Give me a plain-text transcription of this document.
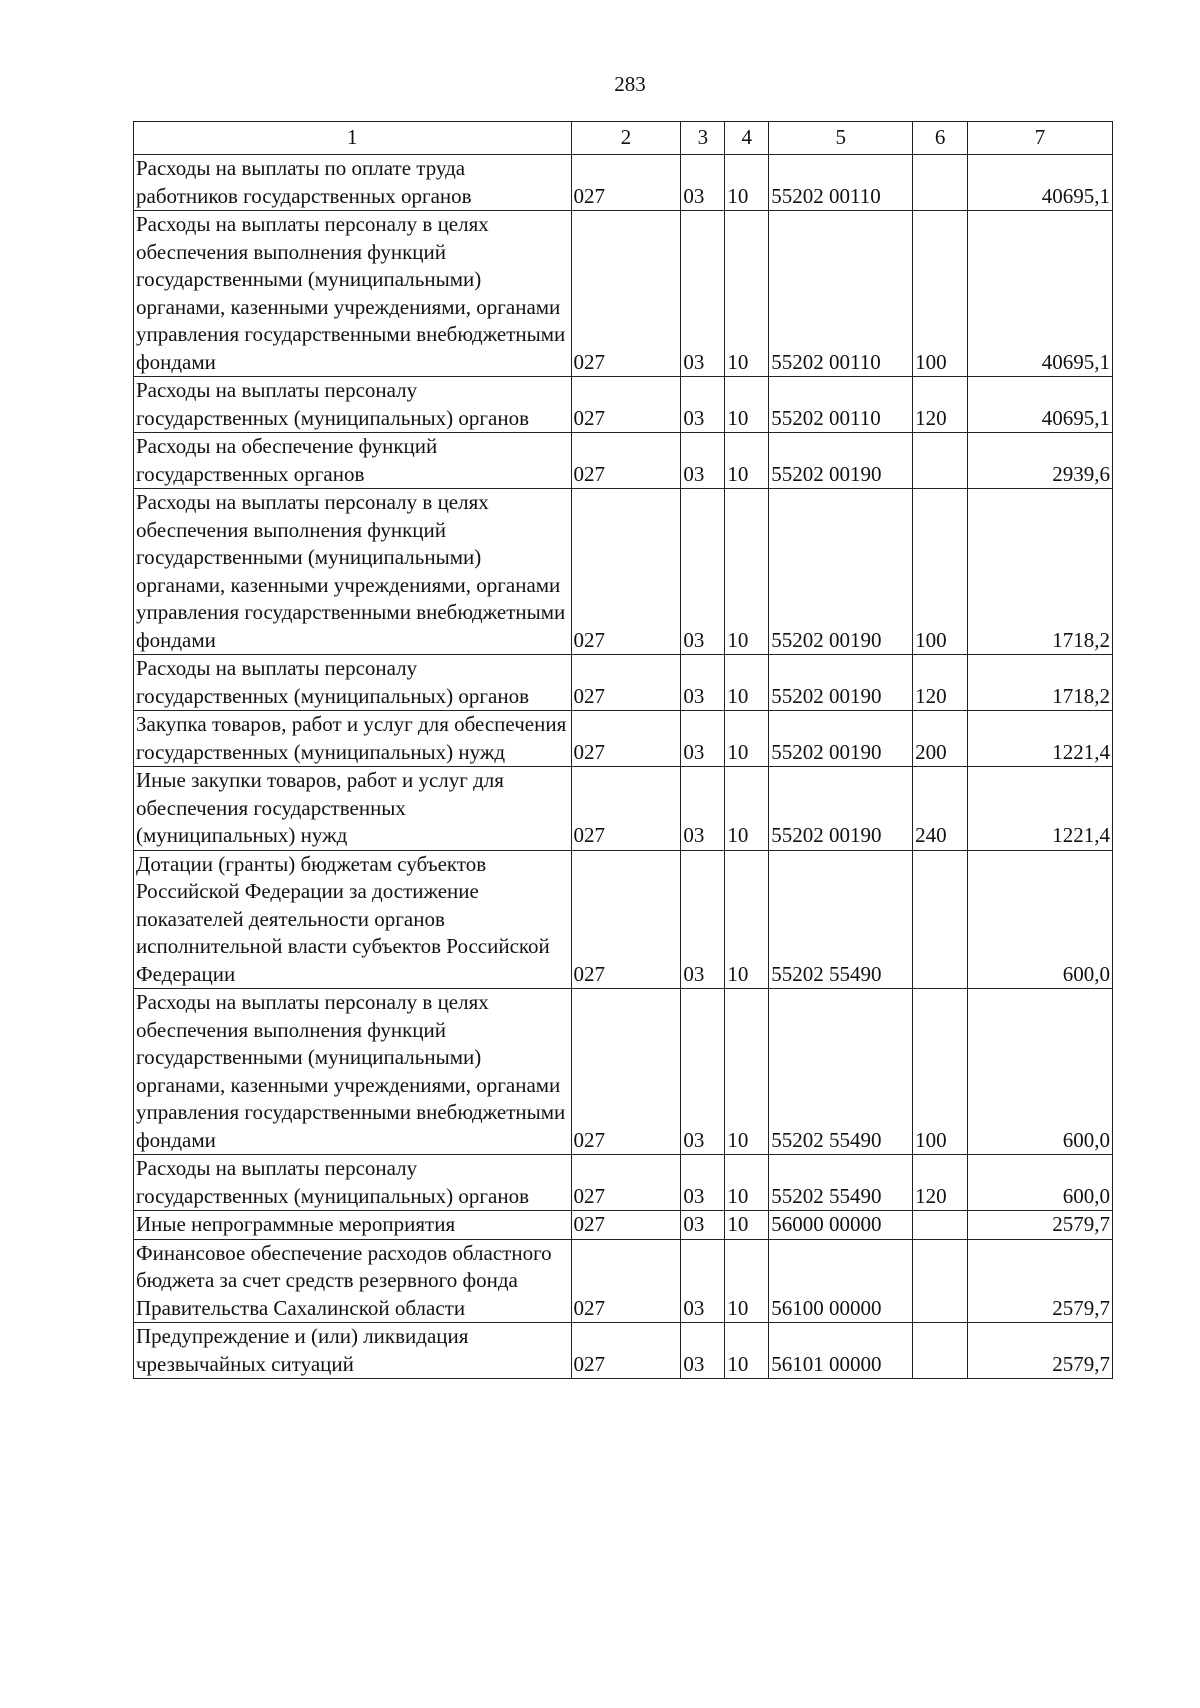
283
1	2	3	4	5	6	7
Расходы на выплаты по оплате труда работников государственных органов	027	03	10	55202 00110		40695,1
Расходы на выплаты персоналу в целях обеспечения выполнения функций государственными (муниципальными) органами, казенными учреждениями, органами управления государственными внебюджетными фондами	027	03	10	55202 00110	100	40695,1
Расходы на выплаты персоналу государственных (муниципальных) органов	027	03	10	55202 00110	120	40695,1
Расходы на обеспечение функций государственных органов	027	03	10	55202 00190		2939,6
Расходы на выплаты персоналу в целях обеспечения выполнения функций государственными (муниципальными) органами, казенными учреждениями, органами управления государственными внебюджетными фондами	027	03	10	55202 00190	100	1718,2
Расходы на выплаты персоналу государственных (муниципальных) органов	027	03	10	55202 00190	120	1718,2
Закупка товаров, работ и услуг для обеспечения государственных (муниципальных) нужд	027	03	10	55202 00190	200	1221,4
Иные закупки товаров, работ и услуг для обеспечения государственных (муниципальных) нужд	027	03	10	55202 00190	240	1221,4
Дотации (гранты) бюджетам субъектов Российской Федерации за достижение показателей деятельности органов исполнительной власти субъектов Российской Федерации	027	03	10	55202 55490		600,0
Расходы на выплаты персоналу в целях обеспечения выполнения функций государственными (муниципальными) органами, казенными учреждениями, органами управления государственными внебюджетными фондами	027	03	10	55202 55490	100	600,0
Расходы на выплаты персоналу государственных (муниципальных) органов	027	03	10	55202 55490	120	600,0
Иные непрограммные мероприятия	027	03	10	56000 00000		2579,7
Финансовое обеспечение расходов областного бюджета за счет средств резервного фонда Правительства Сахалинской области	027	03	10	56100 00000		2579,7
Предупреждение и (или) ликвидация чрезвычайных ситуаций	027	03	10	56101 00000		2579,7
